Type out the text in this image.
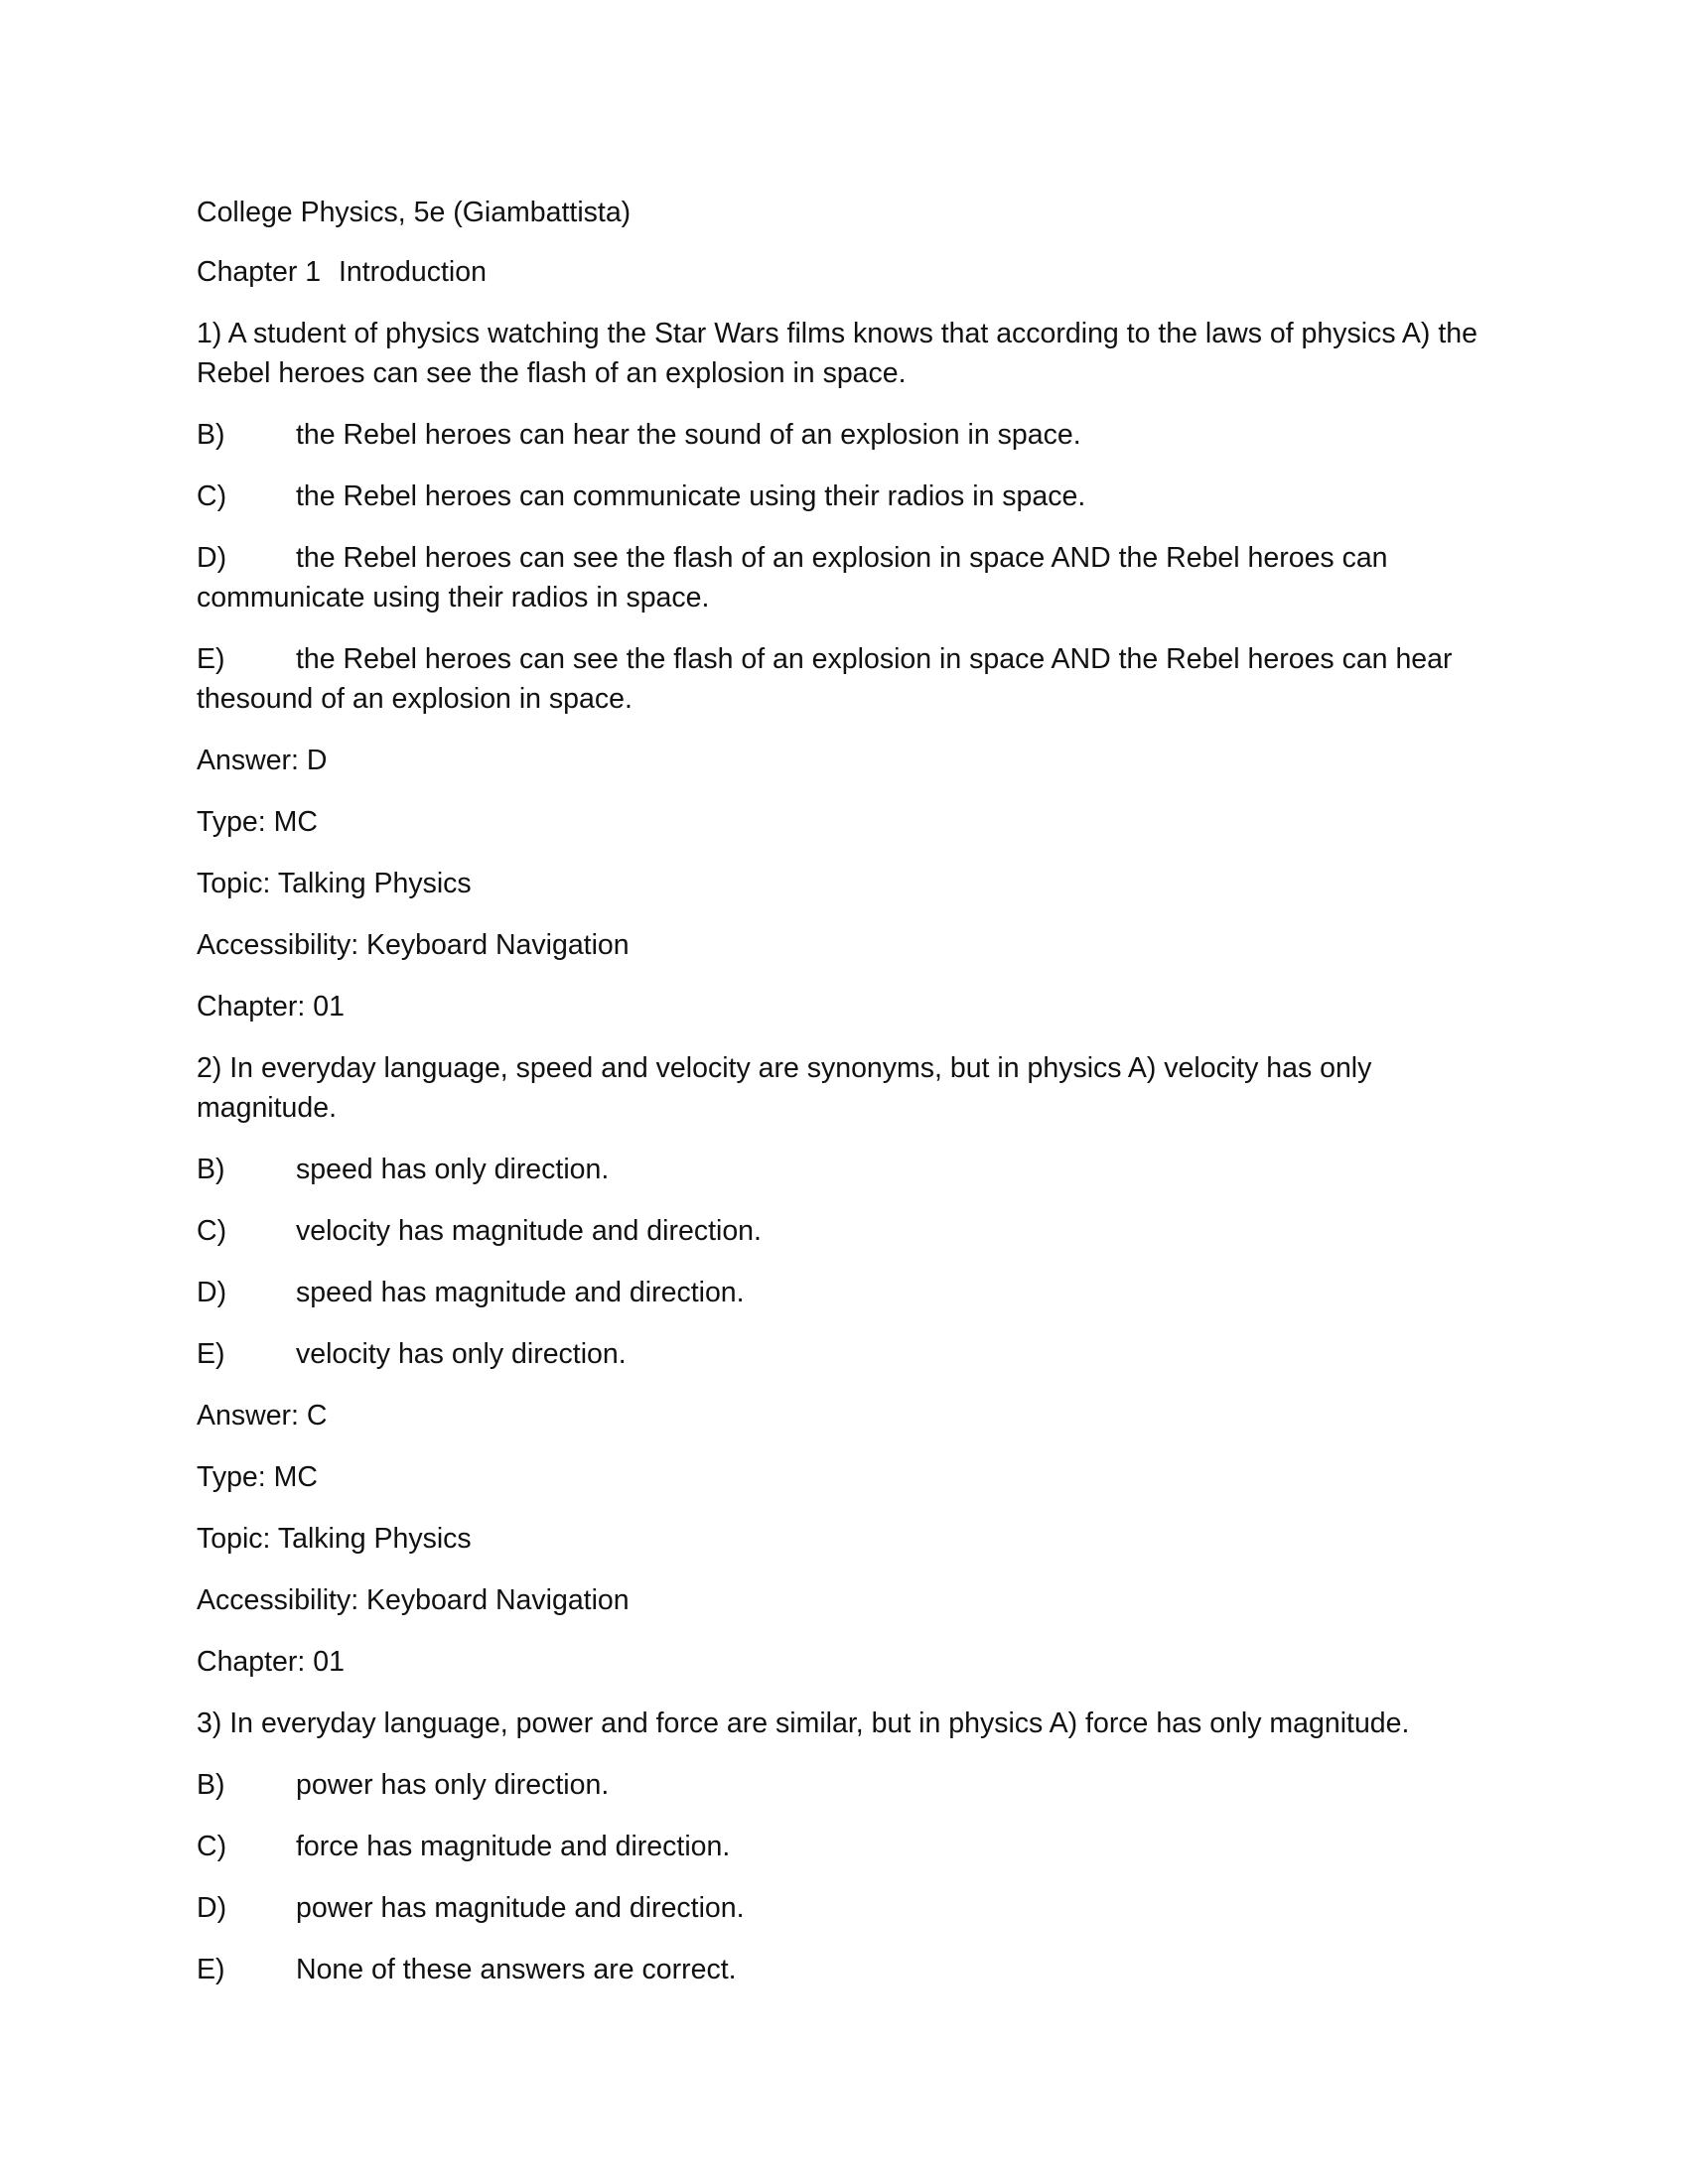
College Physics, 5e (Giambattista)

Chapter 1 Introduction

1) A student of physics watching the Star Wars films knows that according to the laws of physics A) the Rebel heroes can see the flash of an explosion in space.

B)	the Rebel heroes can hear the sound of an explosion in space.

C) the Rebel heroes can communicate using their radios in space.

D) the Rebel heroes can see the flash of an explosion in space AND the Rebel heroes can communicate using their radios in space.

E)	the Rebel heroes can see the flash of an explosion in space AND the Rebel heroes can hear thesound of an explosion in space.

Answer: D

Type: MC

Topic: Talking Physics

Accessibility: Keyboard Navigation

Chapter: 01

2) In everyday language, speed and velocity are synonyms, but in physics A) velocity has only magnitude.

B)	speed has only direction.

C) velocity has magnitude and direction.

D) speed has magnitude and direction.

E)	velocity has only direction.

Answer: C

Type: MC

Topic: Talking Physics

Accessibility: Keyboard Navigation

Chapter: 01

3) In everyday language, power and force are similar, but in physics A) force has only magnitude.

B)	power has only direction.

C) force has magnitude and direction.

D) power has magnitude and direction.

E)	None of these answers are correct.
